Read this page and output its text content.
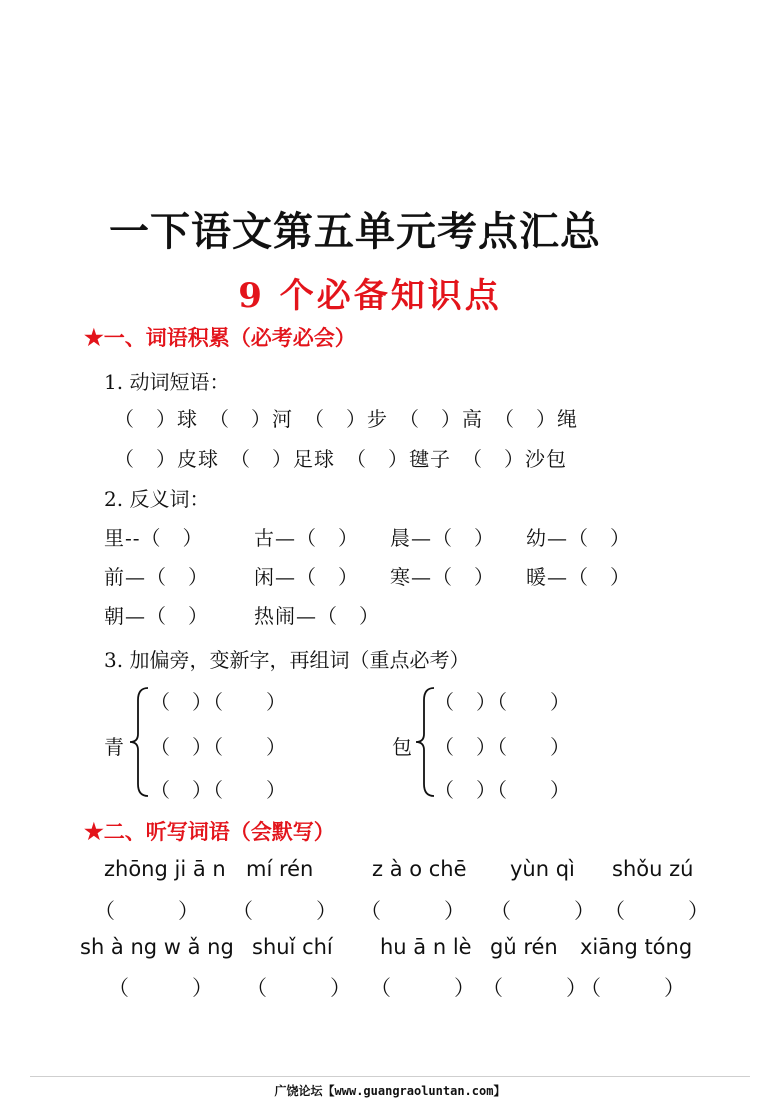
一下语文第五单元考点汇总
9 个必备知识点
★一、词语积累（必考必会）
1. 动词短语：
（　）球　（　）河　（　）步　（　）高　（　）绳
（　）皮球　（　）足球　（　）毽子　（　）沙包
2. 反义词：
里--（　）	古—（　） 晨—（　） 幼—（　）
前—（　） 闲—（　） 寒—（　） 暖—（　）
朝—（　） 热闹—（　）
3. 加偏旁，变新字，再组词（重点必考）
青
（　）（　　）
（　）（　　）
（　）（　　）
包
（　）（　　）
（　）（　　）
（　）（　　）
★二、听写词语（会默写）
zhōng ji ā n mí rén	z à o chē yùn qì shǒu zú
（　　　） （　　　） （　　　） （　　　） （　　　）
sh à ng w ǎ ng shuǐ chí hu ā n lè gǔ rén xiāng tóng
（　　　） （　　　） （　　　） （　　　）
（　　　）
广饶论坛【www.guangraoluntan.com】
